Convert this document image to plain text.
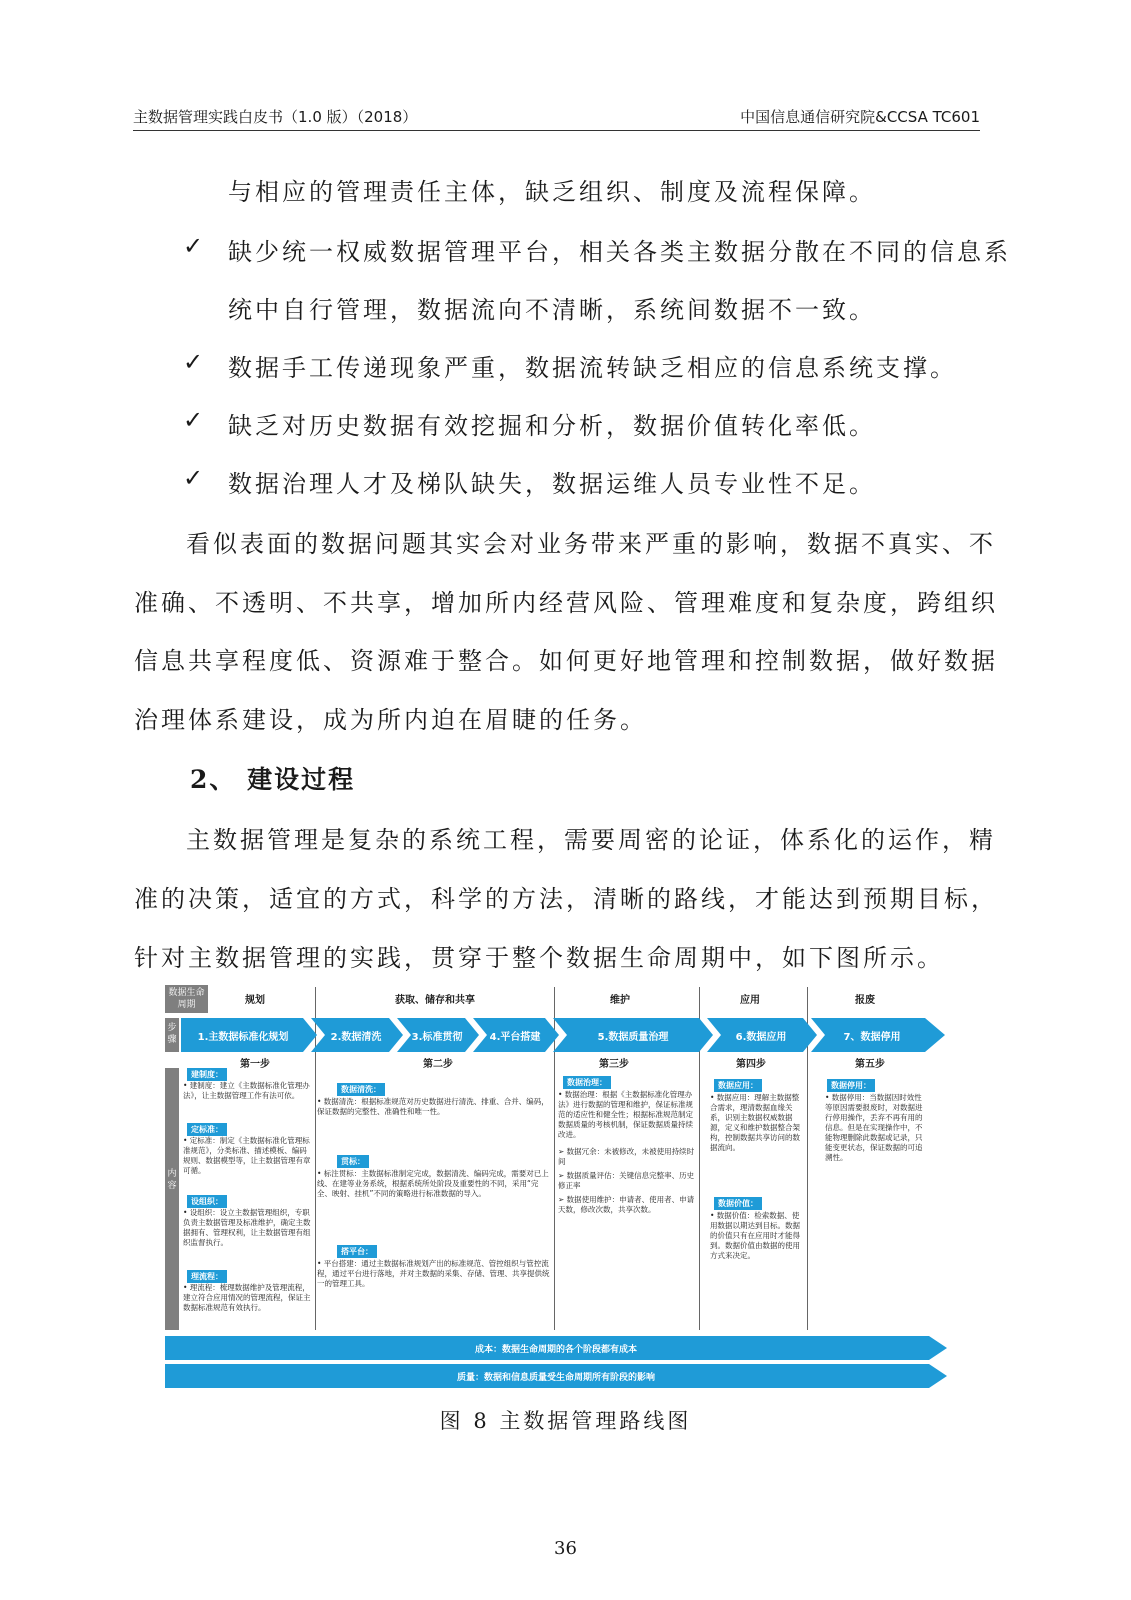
主数据管理实践白皮书（1.0 版）（2018）	中国信息通信研究院&CCSA TC601
与相应的管理责任主体，缺乏组织、制度及流程保障。
✓ 缺少统一权威数据管理平台，相关各类主数据分散在不同的信息系
统中自行管理，数据流向不清晰，系统间数据不一致。
✓ 数据手工传递现象严重，数据流转缺乏相应的信息系统支撑。
✓ 缺乏对历史数据有效挖掘和分析，数据价值转化率低。
✓ 数据治理人才及梯队缺失，数据运维人员专业性不足。
看似表面的数据问题其实会对业务带来严重的影响，数据不真实、不
准确、不透明、不共享，增加所内经营风险、管理难度和复杂度，跨组织
信息共享程度低、资源难于整合。如何更好地管理和控制数据，做好数据
治理体系建设，成为所内迫在眉睫的任务。
2、 建设过程
主数据管理是复杂的系统工程，需要周密的论证，体系化的运作，精
准的决策，适宜的方式，科学的方法，清晰的路线，才能达到预期目标，
针对主数据管理的实践，贯穿于整个数据生命周期中，如下图所示。
数据生命周期
步骤
内容
规划	获取、储存和共享	维护	应用	报废
1.主数据标准化规划	2.数据清洗	3.标准贯彻	4.平台搭建	5.数据质量治理	6.数据应用	7、数据停用
第一步	第二步	第三步	第四步	第五步
建制度：
• 建制度：建立《主数据标准化管理办法》，让主数据管理工作有法可依。
定标准：
• 定标准：制定《主数据标准化管理标准规范》，分类标准、描述模板、编码规则、数据模型等，让主数据管理有章可循。
设组织：
• 设组织：设立主数据管理组织，专职负责主数据管理及标准维护，确定主数据拥有、管理权利，让主数据管理有组织监督执行。
理流程：
• 理流程：梳理数据维护及管理流程，建立符合应用情况的管理流程，保证主数据标准规范有效执行。
数据清洗：
• 数据清洗：根据标准规范对历史数据进行清洗、排重、合并、编码，保证数据的完整性、准确性和唯一性。
贯标：
• 标注贯标：主数据标准制定完成，数据清洗、编码完成，需要对已上线、在建等业务系统，根据系统所处阶段及重要性的不同，采用“完全、映射、挂机”不同的策略进行标准数据的导入。
搭平台：
• 平台搭建：通过主数据标准规划产出的标准规范、管控组织与管控流程，通过平台进行落地，并对主数据的采集、存储、管理、共享提供统一的管理工具。
数据治理：
• 数据治理：根据《主数据标准化管理办法》进行数据的管理和维护，保证标准规范的适应性和健全性；根据标准规范制定数据质量的考核机制，保证数据质量持续改进。
➢ 数据冗余：未被修改，未被使用持续时间
➢ 数据质量评估：关键信息完整率、历史修正率
➢ 数据使用维护：申请者、使用者、申请天数，修改次数，共享次数。
数据应用：
• 数据应用：理解主数据整合需求，理清数据血缘关系，识别主数据权威数据源，定义和维护数据整合架构，控制数据共享访问的数据流向。
数据价值：
• 数据价值：检索数据、使用数据以期达到目标。数据的价值只有在应用时才能得到。数据价值由数据的使用方式来决定。
数据停用：
• 数据停用：当数据因时效性等原因需要报废时，对数据进行停用操作，丢弃不再有用的信息。但是在实现操作中，不能物理删除此数据或记录，只能变更状态，保证数据的可追溯性。
成本：数据生命周期的各个阶段都有成本
质量：数据和信息质量受生命周期所有阶段的影响
图 8 主数据管理路线图
36
